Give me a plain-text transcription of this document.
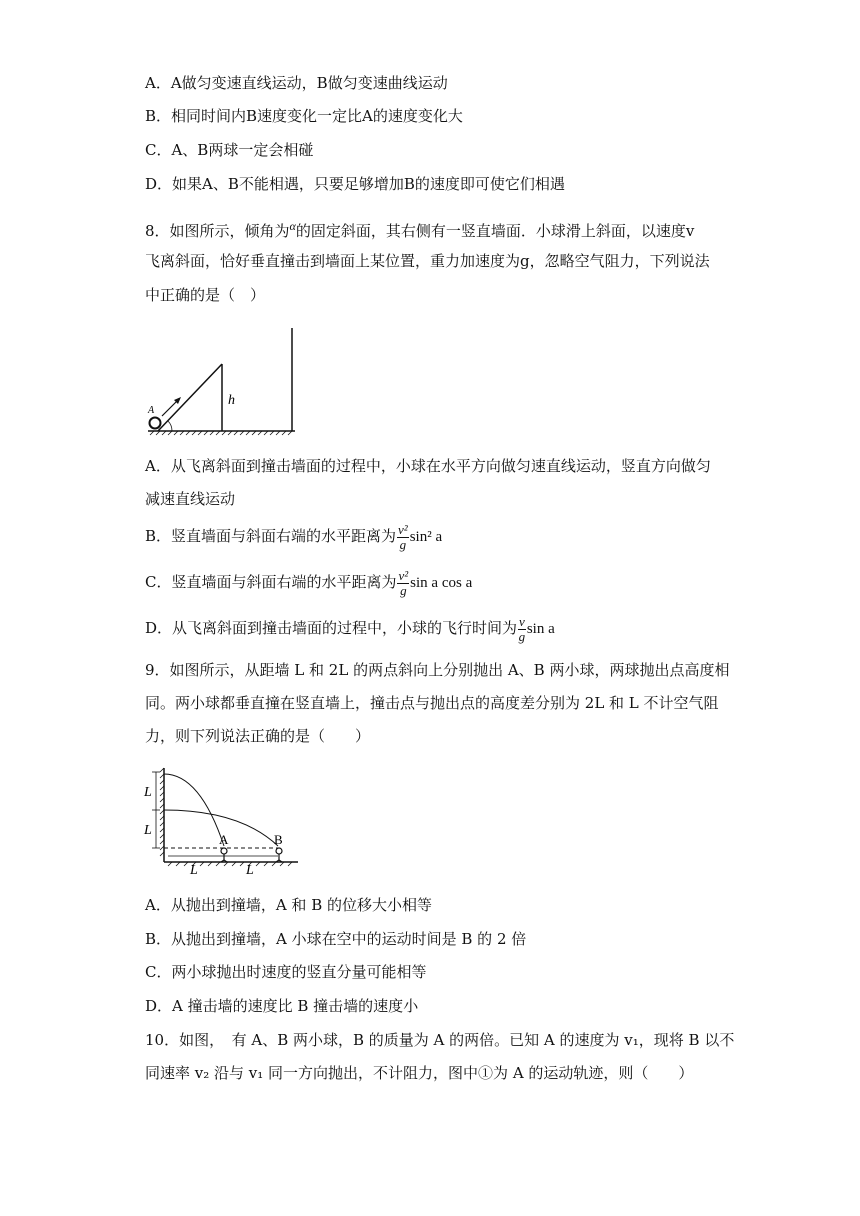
A．A做匀变速直线运动，B做匀变速曲线运动
B．相同时间内B速度变化一定比A的速度变化大
C．A、B两球一定会相碰
D．如果A、B不能相遇，只要足够增加B的速度即可使它们相遇
8．如图所示，倾角为$^\alpha$的固定斜面，其右侧有一竖直墙面．小球滑上斜面，以速度v
飞离斜面，恰好垂直撞击到墙面上某位置，重力加速度为g，忽略空气阻力，下列说法
中正确的是（　）
A
h
A．从飞离斜面到撞击墙面的过程中，小球在水平方向做匀速直线运动，竖直方向做匀
减速直线运动
B．竖直墙面与斜面右端的水平距离为 $\frac{\text{v²}}{g} \sin^2$ a
C．竖直墙面与斜面右端的水平距离为 $\frac{\text{v²}}{g}$ sin a cos a
D．从飞离斜面到撞击墙面的过程中，小球的飞行时间为 $\frac{v}{g}$ sin a
9．如图所示，从距墙 L 和 2L 的两点斜向上分别抛出 A、B 两小球，两球抛出点高度相
同。两小球都垂直撞在竖直墙上，撞击点与抛出点的高度差分别为 2L 和 L 不计空气阻
力，则下列说法正确的是（　　）
L
L
L	L
A	B
A．从抛出到撞墙，A 和 B 的位移大小相等
B．从抛出到撞墙，A 小球在空中的运动时间是 B 的 2 倍
C．两小球抛出时速度的竖直分量可能相等
D．A 撞击墙的速度比 B 撞击墙的速度小
10．如图，　有 A、B 两小球，B 的质量为 A 的两倍。已知 A 的速度为 v₁，现将 B 以不
同速率 v₂ 沿与 v₁ 同一方向抛出，不计阻力，图中①为 A 的运动轨迹，则（　　）
